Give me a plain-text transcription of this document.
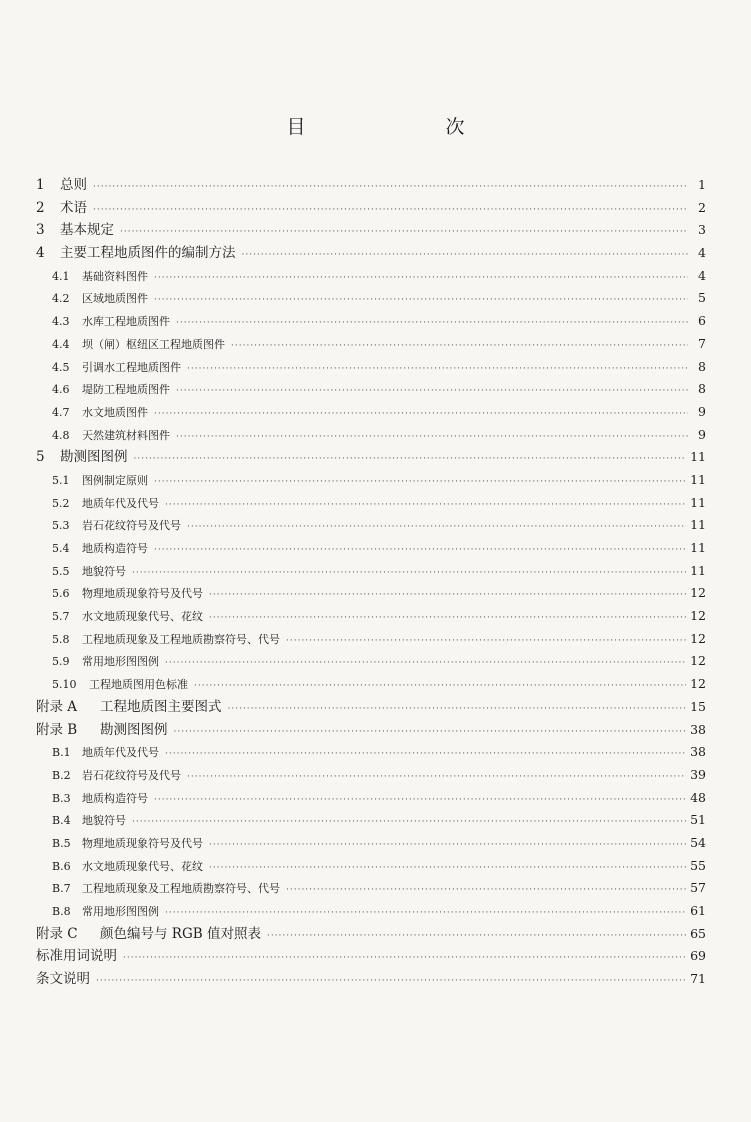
目　　次
1	总则 ·····	1
2	术语 ·····	2
3	基本规定 ·····	3
4	主要工程地质图件的编制方法 ·····	4
4.1	基础资料图件 ·····	4
4.2	区域地质图件 ·····	5
4.3	水库工程地质图件 ·····	6
4.4	坝（闸）枢纽区工程地质图件 ·····	7
4.5	引调水工程地质图件 ·····	8
4.6	堤防工程地质图件 ·····	8
4.7	水文地质图件 ·····	9
4.8	天然建筑材料图件 ·····	9
5	勘测图图例 ·····	11
5.1	图例制定原则 ·····	11
5.2	地质年代及代号 ·····	11
5.3	岩石花纹符号及代号 ·····	11
5.4	地质构造符号 ·····	11
5.5	地貌符号 ·····	11
5.6	物理地质现象符号及代号 ·····	12
5.7	水文地质现象代号、花纹 ·····	12
5.8	工程地质现象及工程地质勘察符号、代号 ·····	12
5.9	常用地形图图例 ·····	12
5.10	工程地质图用色标准 ·····	12
附录 A	工程地质图主要图式 ·····	15
附录 B	勘测图图例 ·····	38
B.1	地质年代及代号 ·····	38
B.2	岩石花纹符号及代号 ·····	39
B.3	地质构造符号 ·····	48
B.4	地貌符号 ·····	51
B.5	物理地质现象符号及代号 ·····	54
B.6	水文地质现象代号、花纹 ·····	55
B.7	工程地质现象及工程地质勘察符号、代号 ·····	57
B.8	常用地形图图例 ·····	61
附录 C	颜色编号与 RGB 值对照表 ·····	65
标准用词说明 ·····	69
条文说明 ·····	71
